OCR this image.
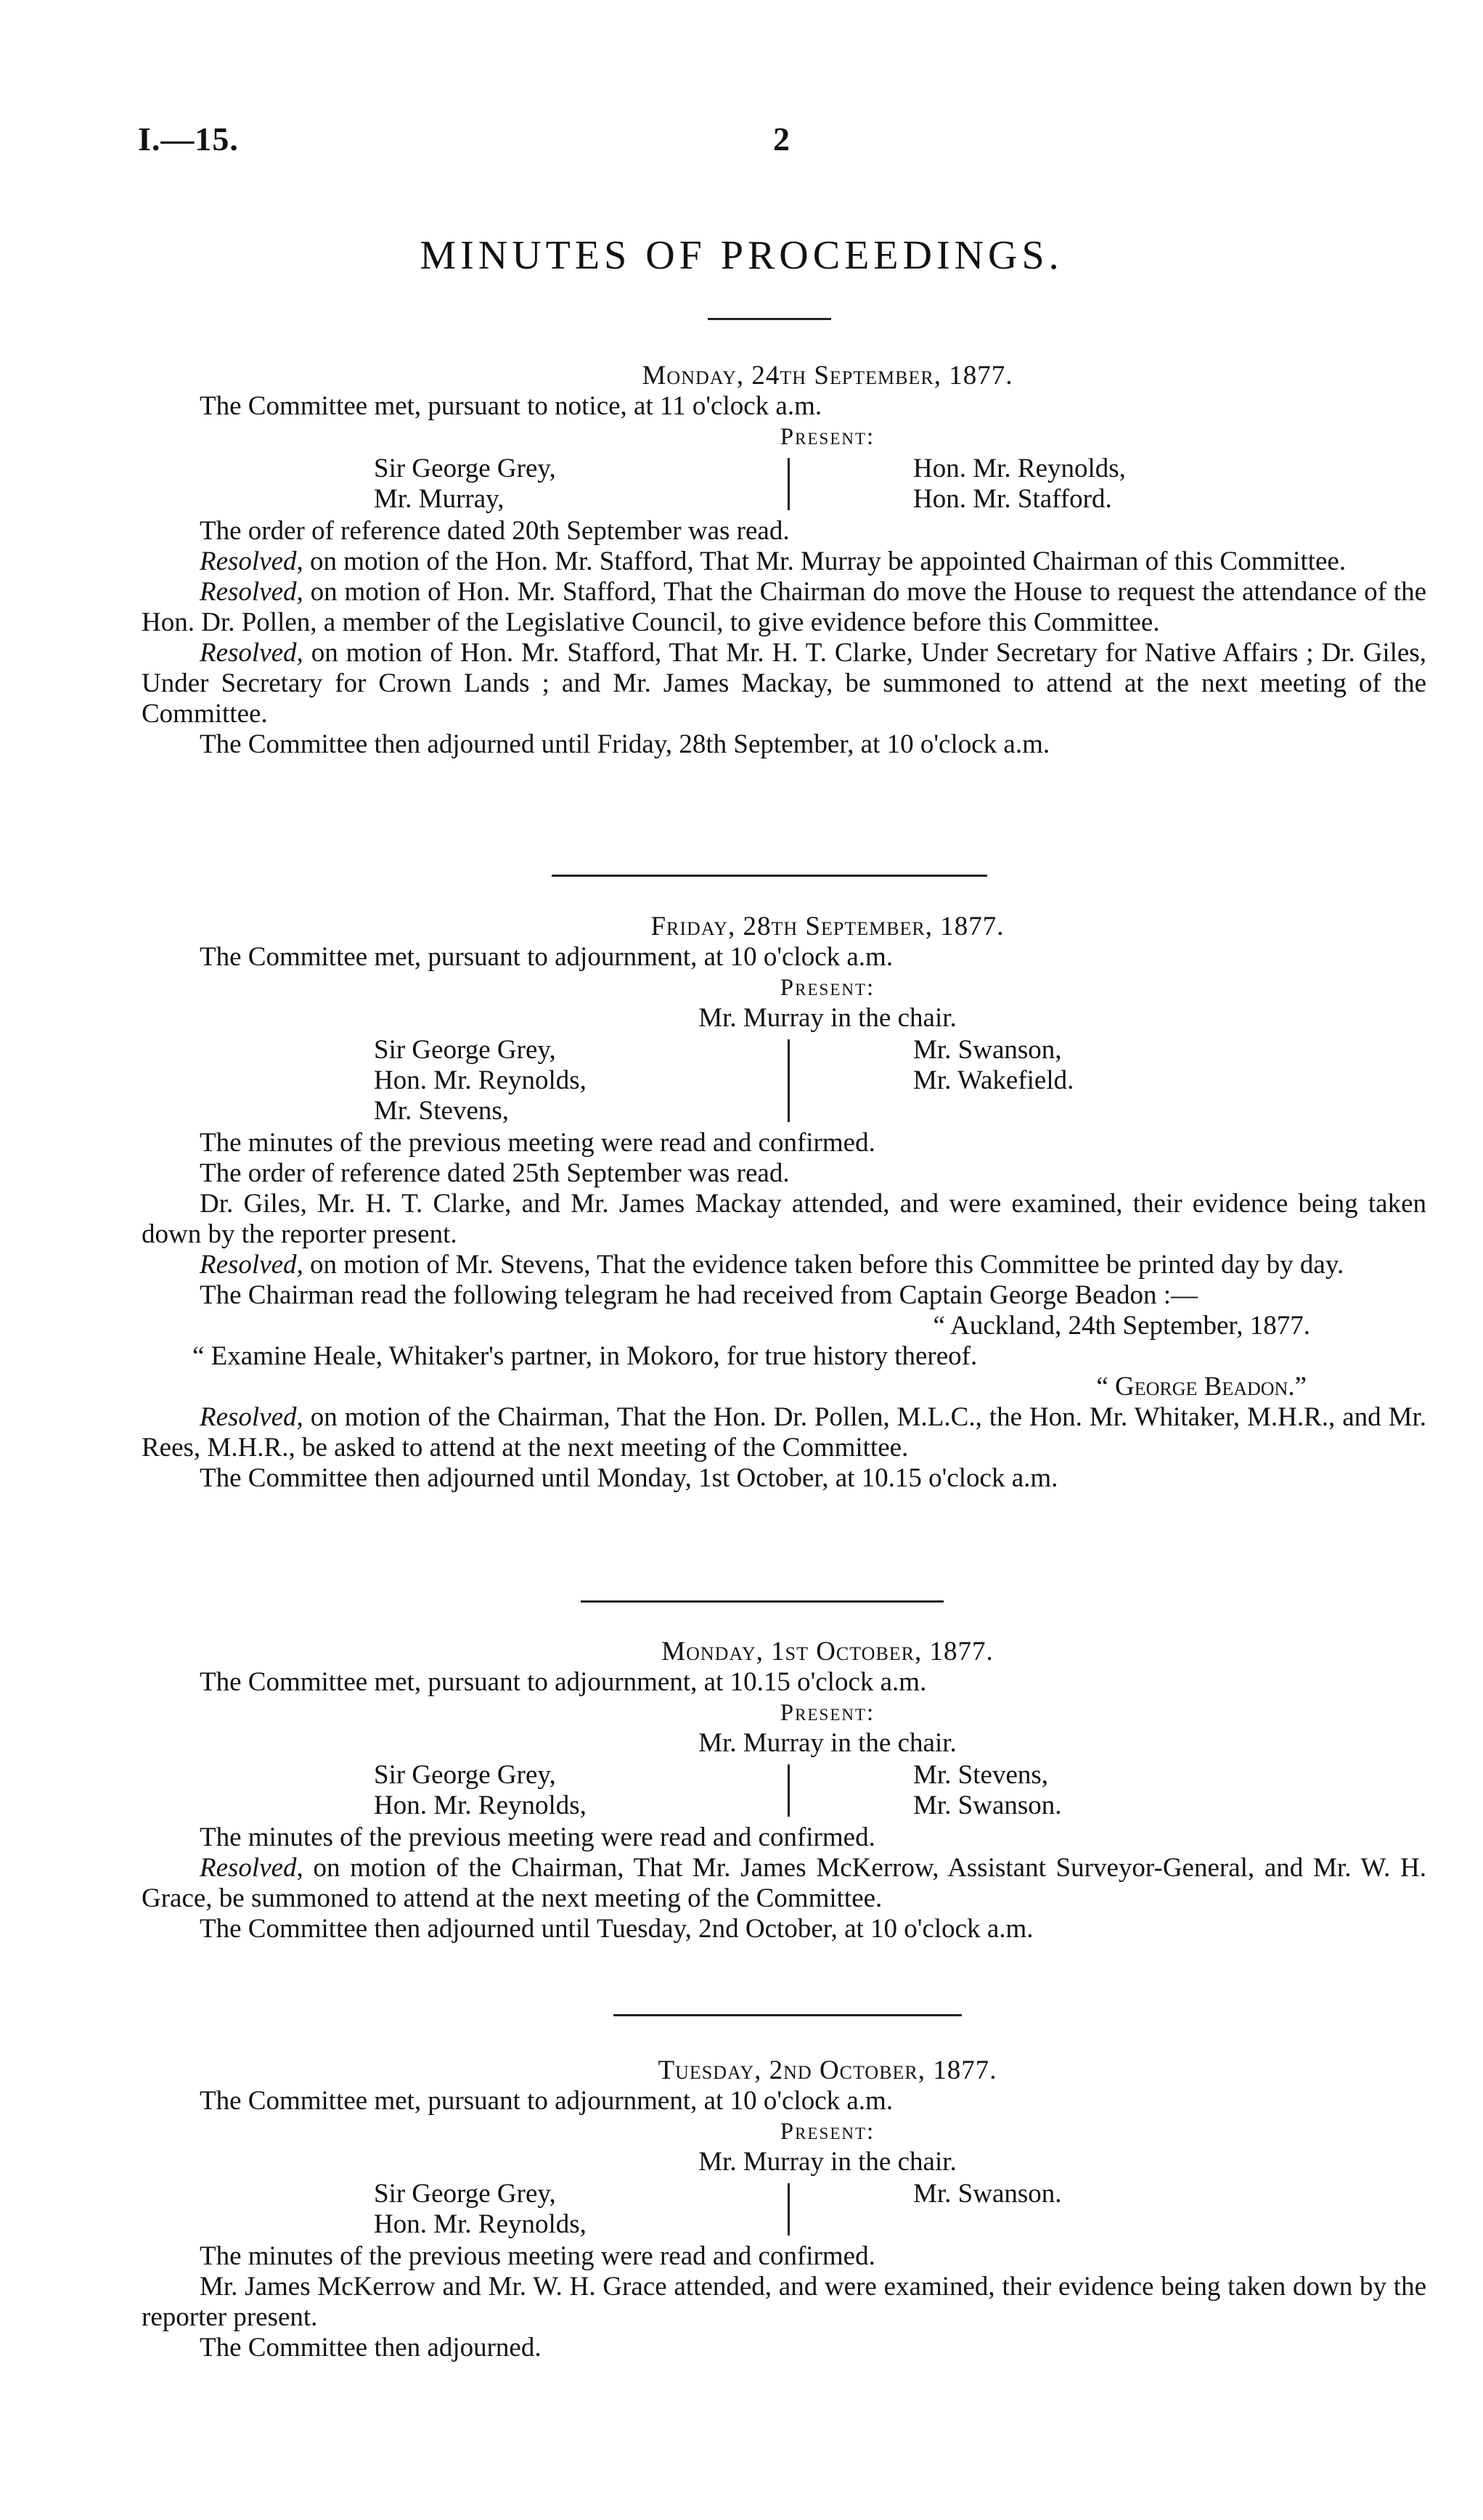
I.—15.	2
MINUTES OF PROCEEDINGS.
Monday, 24th September, 1877.
The Committee met, pursuant to notice, at 11 o'clock a.m.
Present:
Sir George Grey,
Mr. Murray,
Hon. Mr. Reynolds,
Hon. Mr. Stafford.
The order of reference dated 20th September was read.
Resolved, on motion of the Hon. Mr. Stafford, That Mr. Murray be appointed Chairman of this Committee.
Resolved, on motion of Hon. Mr. Stafford, That the Chairman do move the House to request the attendance of the Hon. Dr. Pollen, a member of the Legislative Council, to give evidence before this Committee.
Resolved, on motion of Hon. Mr. Stafford, That Mr. H. T. Clarke, Under Secretary for Native Affairs ; Dr. Giles, Under Secretary for Crown Lands ; and Mr. James Mackay, be summoned to attend at the next meeting of the Committee.
The Committee then adjourned until Friday, 28th September, at 10 o'clock a.m.
Friday, 28th September, 1877.
The Committee met, pursuant to adjournment, at 10 o'clock a.m.
Present:
Mr. Murray in the chair.
Sir George Grey,
Hon. Mr. Reynolds,
Mr. Stevens,
Mr. Swanson,
Mr. Wakefield.
The minutes of the previous meeting were read and confirmed.
The order of reference dated 25th September was read.
Dr. Giles, Mr. H. T. Clarke, and Mr. James Mackay attended, and were examined, their evidence being taken down by the reporter present.
Resolved, on motion of Mr. Stevens, That the evidence taken before this Committee be printed day by day.
The Chairman read the following telegram he had received from Captain George Beadon :—
“ Auckland, 24th September, 1877.
“ Examine Heale, Whitaker's partner, in Mokoro, for true history thereof.
“ George Beadon.”
Resolved, on motion of the Chairman, That the Hon. Dr. Pollen, M.L.C., the Hon. Mr. Whitaker, M.H.R., and Mr. Rees, M.H.R., be asked to attend at the next meeting of the Committee.
The Committee then adjourned until Monday, 1st October, at 10.15 o'clock a.m.
Monday, 1st October, 1877.
The Committee met, pursuant to adjournment, at 10.15 o'clock a.m.
Present:
Mr. Murray in the chair.
Sir George Grey,
Hon. Mr. Reynolds,
Mr. Stevens,
Mr. Swanson.
The minutes of the previous meeting were read and confirmed.
Resolved, on motion of the Chairman, That Mr. James McKerrow, Assistant Surveyor-General, and Mr. W. H. Grace, be summoned to attend at the next meeting of the Committee.
The Committee then adjourned until Tuesday, 2nd October, at 10 o'clock a.m.
Tuesday, 2nd October, 1877.
The Committee met, pursuant to adjournment, at 10 o'clock a.m.
Present:
Mr. Murray in the chair.
Sir George Grey,
Hon. Mr. Reynolds,
Mr. Swanson.
The minutes of the previous meeting were read and confirmed.
Mr. James McKerrow and Mr. W. H. Grace attended, and were examined, their evidence being taken down by the reporter present.
The Committee then adjourned.
